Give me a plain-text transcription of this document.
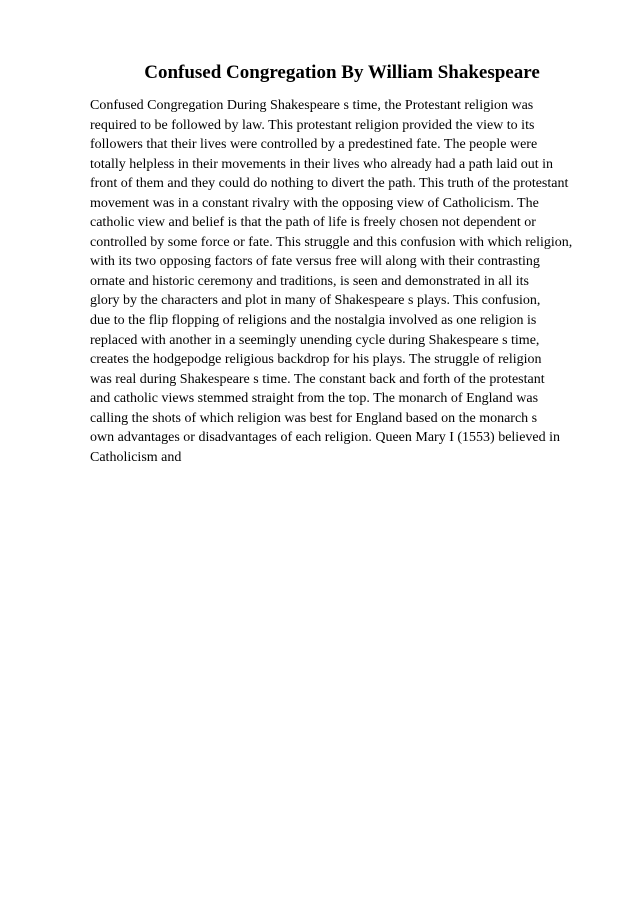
Confused Congregation By William Shakespeare
Confused Congregation During Shakespeare s time, the Protestant religion was
required to be followed by law. This protestant religion provided the view to its
followers that their lives were controlled by a predestined fate. The people were
totally helpless in their movements in their lives who already had a path laid out in
front of them and they could do nothing to divert the path. This truth of the protestant
movement was in a constant rivalry with the opposing view of Catholicism. The
catholic view and belief is that the path of life is freely chosen not dependent or
controlled by some force or fate. This struggle and this confusion with which religion,
with its two opposing factors of fate versus free will along with their contrasting
ornate and historic ceremony and traditions, is seen and demonstrated in all its
glory by the characters and plot in many of Shakespeare s plays. This confusion,
due to the flip flopping of religions and the nostalgia involved as one religion is
replaced with another in a seemingly unending cycle during Shakespeare s time,
creates the hodgepodge religious backdrop for his plays. The struggle of religion
was real during Shakespeare s time. The constant back and forth of the protestant
and catholic views stemmed straight from the top. The monarch of England was
calling the shots of which religion was best for England based on the monarch s
own advantages or disadvantages of each religion. Queen Mary I (1553) believed in
Catholicism and
